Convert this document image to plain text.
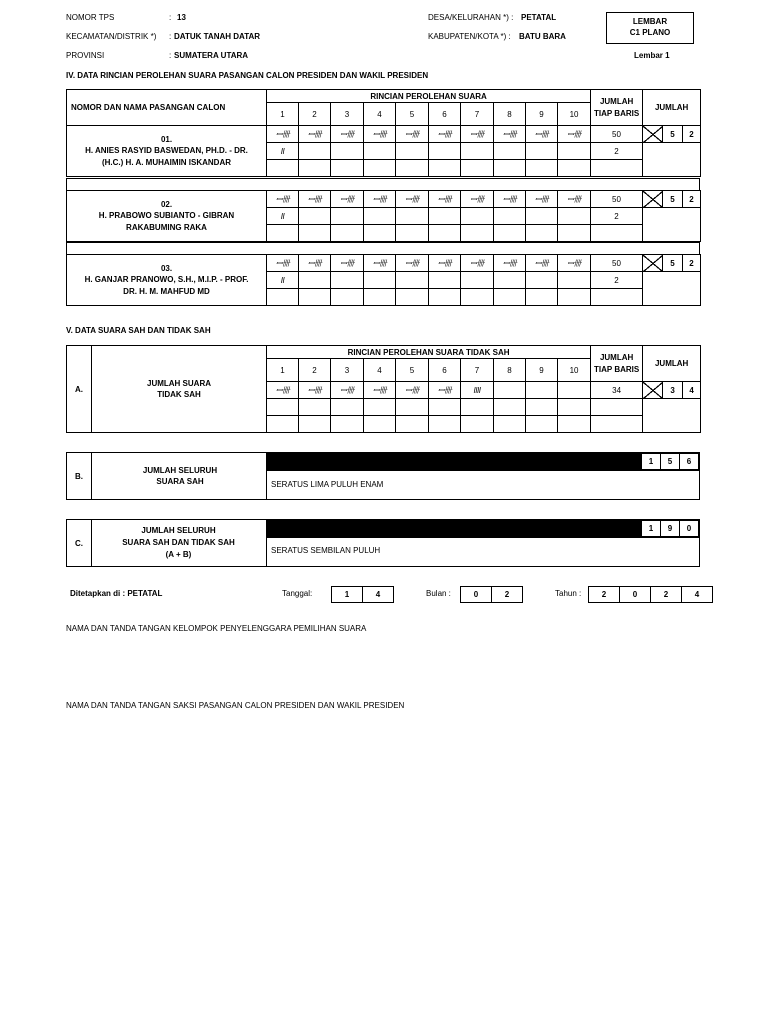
NOMOR TPS	: 13
KECAMATAN/DISTRIK *) : DATUK TANAH DATAR
PROVINSI	: SUMATERA UTARA
DESA/KELURAHAN *) : PETATAL
KABUPATEN/KOTA *) : BATU BARA
LEMBAR
C1 PLANO
Lembar 1
IV. DATA RINCIAN PEROLEHAN SUARA PASANGAN CALON PRESIDEN DAN WAKIL PRESIDEN
NOMOR DAN NAMA PASANGAN CALON	RINCIAN PEROLEHAN SUARA										JUMLAH TIAP BARIS	JUMLAH
	1	2	3	4	5	6	7	8	9	10		
01.
H. ANIES RASYID BASWEDAN, PH.D. - DR. (H.C.) H. A. MUHAIMIN ISKANDAR	ꟷ卌	ꟷ卌	ꟷ卌	ꟷ卌	ꟷ卌	ꟷ卌	ꟷ卌	ꟷ卌	ꟷ卌	ꟷ卌	50		5	2
	II										2			

02.
H. PRABOWO SUBIANTO - GIBRAN RAKABUMING RAKA	ꟷ卌	ꟷ卌	ꟷ卌	ꟷ卌	ꟷ卌	ꟷ卌	ꟷ卌	ꟷ卌	ꟷ卌	ꟷ卌	50		5	2
	II										2			

03.
H. GANJAR PRANOWO, S.H., M.I.P. - PROF. DR. H. M. MAHFUD MD	ꟷ卌	ꟷ卌	ꟷ卌	ꟷ卌	ꟷ卌	ꟷ卌	ꟷ卌	ꟷ卌	ꟷ卌	ꟷ卌	50		5	2
	II										2			

V. DATA SUARA SAH DAN TIDAK SAH
A.	JUMLAH SUARA TIDAK SAH	RINCIAN PEROLEHAN SUARA TIDAK SAH										JUMLAH TIAP BARIS	JUMLAH		
		1	2	3	4	5	6	7	8	9	10				
		ꟷ卌	ꟷ卌	ꟷ卌	ꟷ卌	ꟷ卌	ꟷ卌	IIII				34		3	4

B.
JUMLAH SELURUH SUARA SAH
1	5	6
SERATUS LIMA PULUH ENAM
C.
JUMLAH SELURUH
SUARA SAH DAN TIDAK SAH
(A + B)
1	9	0
SERATUS SEMBILAN PULUH
Ditetapkan di : PETATAL	Tanggal:	1	4	Bulan :	0	2	Tahun :	2	0	2	4
NAMA DAN TANDA TANGAN KELOMPOK PENYELENGGARA PEMILIHAN SUARA
NAMA DAN TANDA TANGAN SAKSI PASANGAN CALON PRESIDEN DAN WAKIL PRESIDEN
